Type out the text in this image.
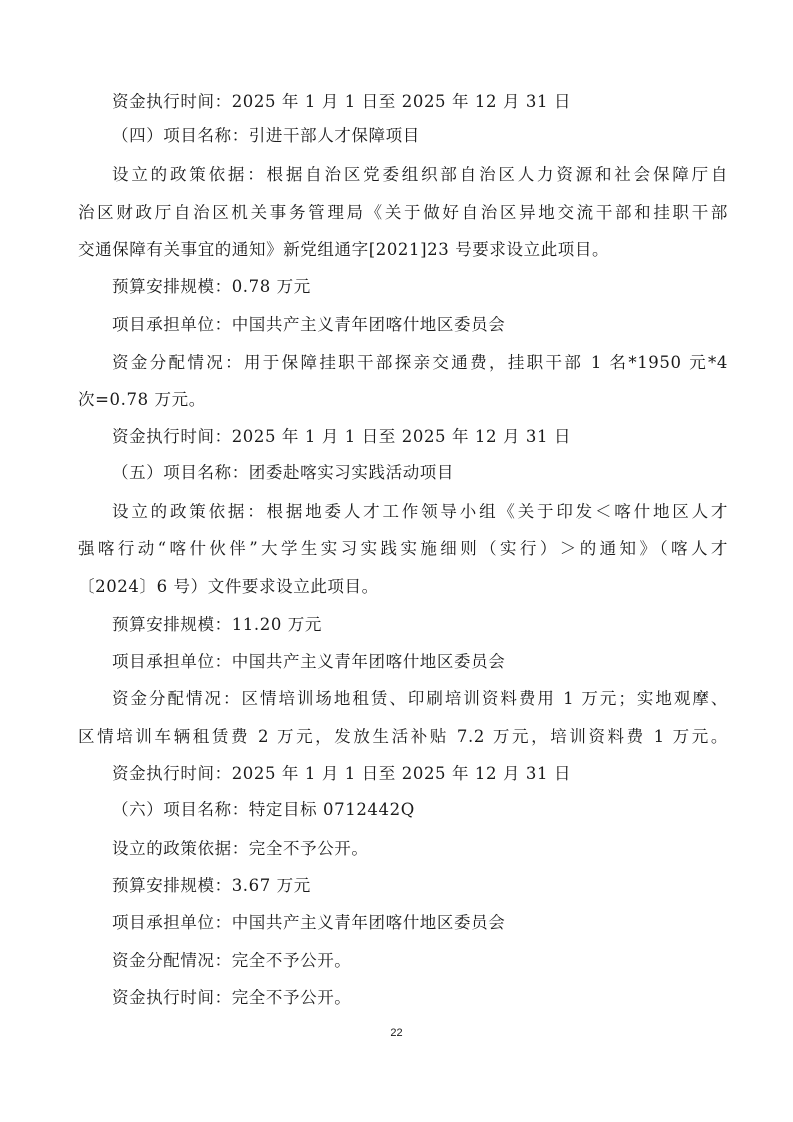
资金执行时间：2025 年 1 月 1 日至 2025 年 12 月 31 日
（四）项目名称：引进干部人才保障项目
设立的政策依据：根据自治区党委组织部自治区人力资源和社会保障厅自
治区财政厅自治区机关事务管理局《关于做好自治区异地交流干部和挂职干部
交通保障有关事宜的通知》新党组通字[2021]23 号要求设立此项目。
预算安排规模：0.78 万元
项目承担单位：中国共产主义青年团喀什地区委员会
资金分配情况：用于保障挂职干部探亲交通费，挂职干部 1 名*1950 元*4
次=0.78 万元。
资金执行时间：2025 年 1 月 1 日至 2025 年 12 月 31 日
（五）项目名称：团委赴喀实习实践活动项目
设立的政策依据：根据地委人才工作领导小组《关于印发＜喀什地区人才
强喀行动“喀什伙伴”大学生实习实践实施细则（实行）＞的通知》（喀人才
〔2024〕6 号）文件要求设立此项目。
预算安排规模：11.20 万元
项目承担单位：中国共产主义青年团喀什地区委员会
资金分配情况：区情培训场地租赁、印刷培训资料费用 1 万元；实地观摩、
区情培训车辆租赁费 2 万元，发放生活补贴 7.2 万元，培训资料费 1 万元。
资金执行时间：2025 年 1 月 1 日至 2025 年 12 月 31 日
（六）项目名称：特定目标 0712442Q
设立的政策依据：完全不予公开。
预算安排规模：3.67 万元
项目承担单位：中国共产主义青年团喀什地区委员会
资金分配情况：完全不予公开。
资金执行时间：完全不予公开。
22
